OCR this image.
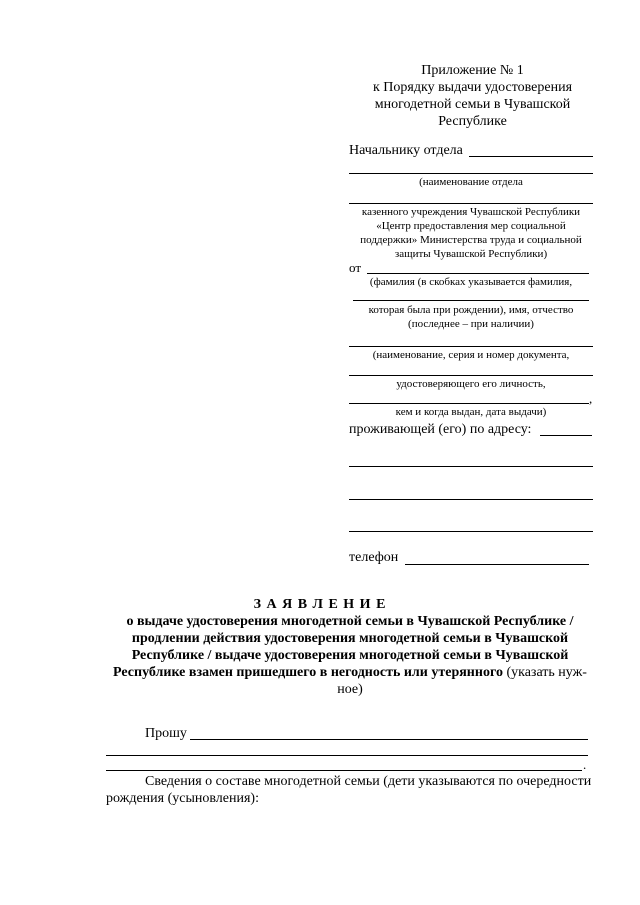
Приложение № 1
к Порядку выдачи удостоверения
многодетной семьи в Чувашской
Республике
Начальнику отдела
(наименование отдела
казенного учреждения Чувашской Республики
«Центр предоставления мер социальной
поддержки» Министерства труда и социальной
защиты Чувашской Республики)
от
(фамилия (в скобках указывается фамилия,
которая была при рождении), имя, отчество
(последнее – при наличии)
(наименование, серия и номер документа,
удостоверяющего его личность,
,
кем и когда выдан, дата выдачи)
проживающей (его) по адресу:
телефон
З А Я В Л Е Н И Е
о выдаче удостоверения многодетной семьи в Чувашской Республике /
продлении действия удостоверения многодетной семьи в Чувашской
Республике / выдаче удостоверения многодетной семьи в Чувашской
Республике взамен пришедшего в негодность или утерянного (указать нуж-
ное)
Прошу
.
Сведения о составе многодетной семьи (дети указываются по очередности
рождения (усыновления):
